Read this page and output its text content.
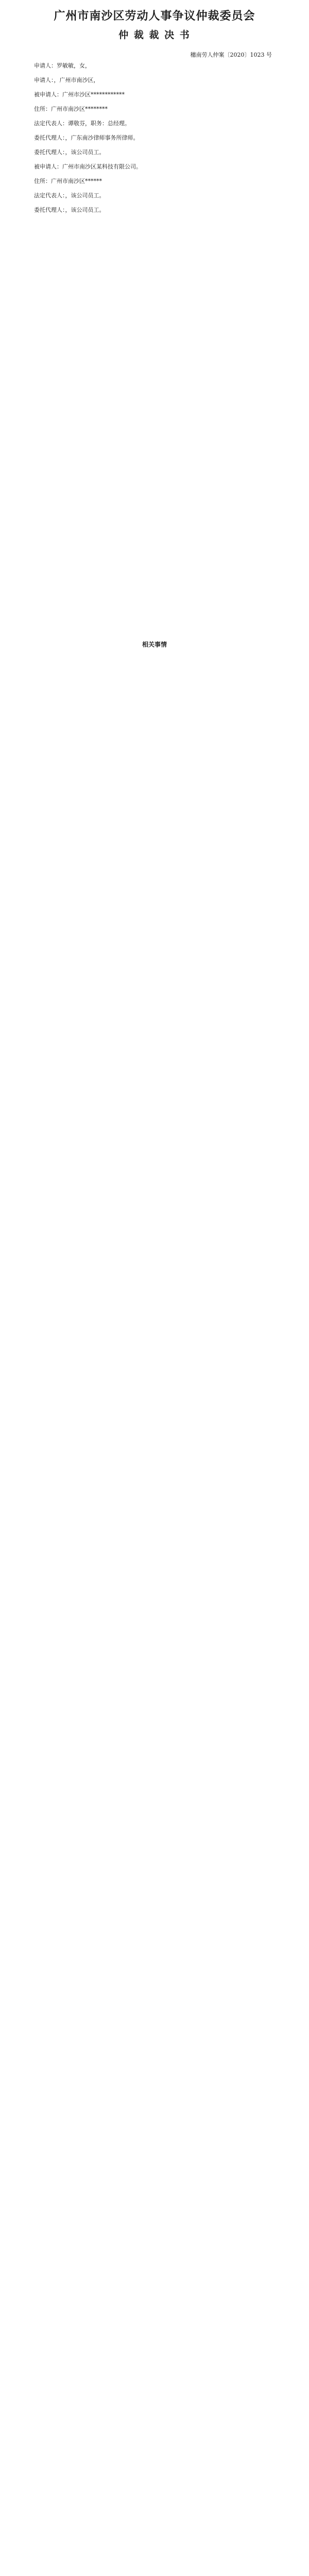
广州市南沙区劳动人事争议仲裁委员会

仲 裁 裁 决 书

穗南劳人仲案〔2020〕1023 号

申请人：罗敏敏，女，

申请人：，广州市南沙区，

被申请人：广州市沙区************

住所：广州市南沙区********

法定代表人：谭敬芬，职务：总经理。

委托代理人：，广东南沙律师事务所律师。

委托代理人：，该公司员工。

被申请人：广州市南沙区某科技有限公司。

住所：广州市南沙区******

法定代表人：，该公司员工。

委托代理人：，该公司员工。

相关事情
